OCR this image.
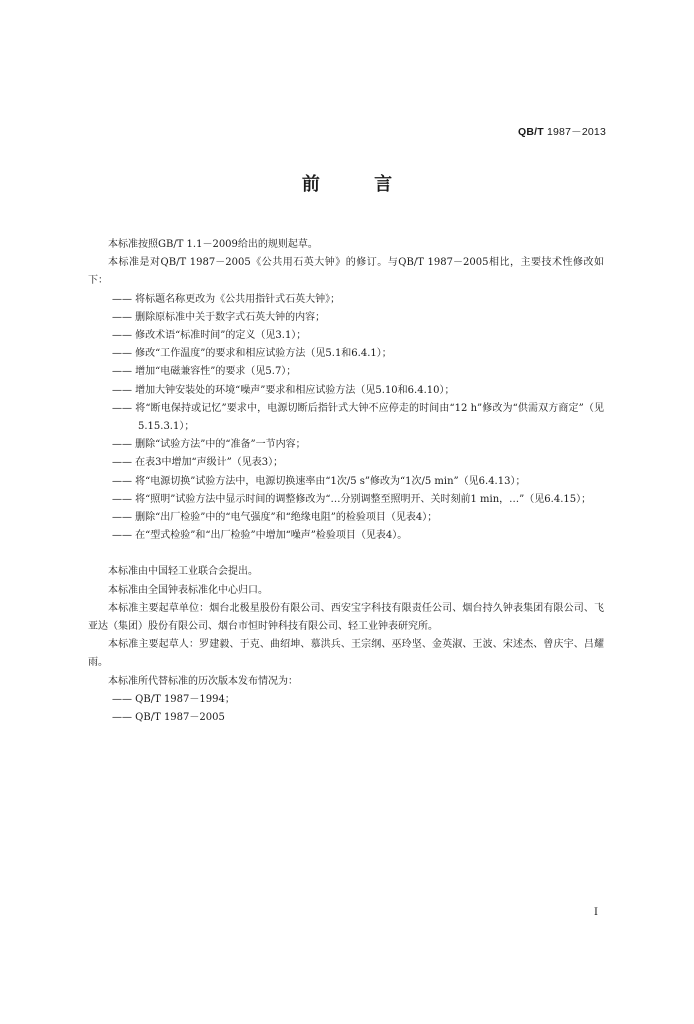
QB/T 1987－2013
前 言

本标准按照GB/T 1.1－2009给出的规则起草。

本标准是对QB/T 1987－2005《公共用石英大钟》的修订。与QB/T 1987－2005相比，主要技术性修改如下：

—— 将标题名称更改为《公共用指针式石英大钟》；

—— 删除原标准中关于数字式石英大钟的内容；

—— 修改术语“标准时间”的定义（见3.1）；

—— 修改“工作温度”的要求和相应试验方法（见5.1和6.4.1）；

—— 增加“电磁兼容性”的要求（见5.7）；

—— 增加大钟安装处的环境“噪声”要求和相应试验方法（见5.10和6.4.10）；

—— 将“断电保持或记忆”要求中，电源切断后指针式大钟不应停走的时间由“12 h”修改为“供需双方商定”（见5.15.3.1）；

—— 删除“试验方法”中的“准备”一节内容；

—— 在表3中增加“声级计”（见表3）；

—— 将“电源切换”试验方法中，电源切换速率由“1次/5 s”修改为“1次/5 min”（见6.4.13）；

—— 将“照明”试验方法中显示时间的调整修改为“…分别调整至照明开、关时刻前1 min，…”（见6.4.15）；

—— 删除“出厂检验”中的“电气强度”和“绝缘电阻”的检验项目（见表4）；

—— 在“型式检验”和“出厂检验”中增加“噪声”检验项目（见表4）。

本标准由中国轻工业联合会提出。

本标准由全国钟表标准化中心归口。

本标准主要起草单位：烟台北极星股份有限公司、西安宝字科技有限责任公司、烟台持久钟表集团有限公司、飞亚达（集团）股份有限公司、烟台市恒时钟科技有限公司、轻工业钟表研究所。

本标准主要起草人：罗建毅、于克、曲绍坤、慕洪兵、王宗纲、巫玲坚、金英淑、王波、宋述杰、曾庆宇、吕耀雨。

本标准所代替标准的历次版本发布情况为：

—— QB/T 1987－1994；

—— QB/T 1987－2005

I
